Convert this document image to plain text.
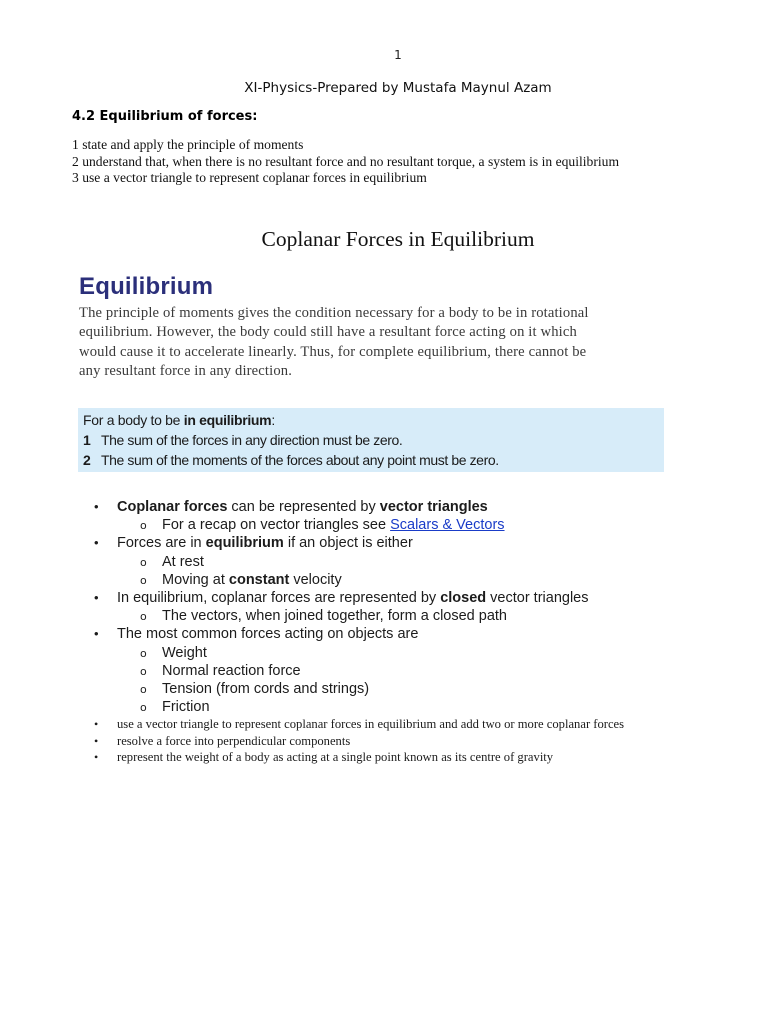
1
XI-Physics-Prepared by Mustafa Maynul Azam
4.2 Equilibrium of forces:
1 state and apply the principle of moments
2 understand that, when there is no resultant force and no resultant torque, a system is in equilibrium
3 use a vector triangle to represent coplanar forces in equilibrium
Coplanar Forces in Equilibrium
Equilibrium
The principle of moments gives the condition necessary for a body to be in rotational
equilibrium. However, the body could still have a resultant force acting on it which
would cause it to accelerate linearly. Thus, for complete equilibrium, there cannot be
any resultant force in any direction.
For a body to be in equilibrium:
1 The sum of the forces in any direction must be zero.
2 The sum of the moments of the forces about any point must be zero.
• Coplanar forces can be represented by vector triangles
o For a recap on vector triangles see Scalars & Vectors
• Forces are in equilibrium if an object is either
o At rest
o Moving at constant velocity
• In equilibrium, coplanar forces are represented by closed vector triangles
o The vectors, when joined together, form a closed path
• The most common forces acting on objects are
o Weight
o Normal reaction force
o Tension (from cords and strings)
o Friction
• use a vector triangle to represent coplanar forces in equilibrium and add two or more coplanar forces
• resolve a force into perpendicular components
• represent the weight of a body as acting at a single point known as its centre of gravity
